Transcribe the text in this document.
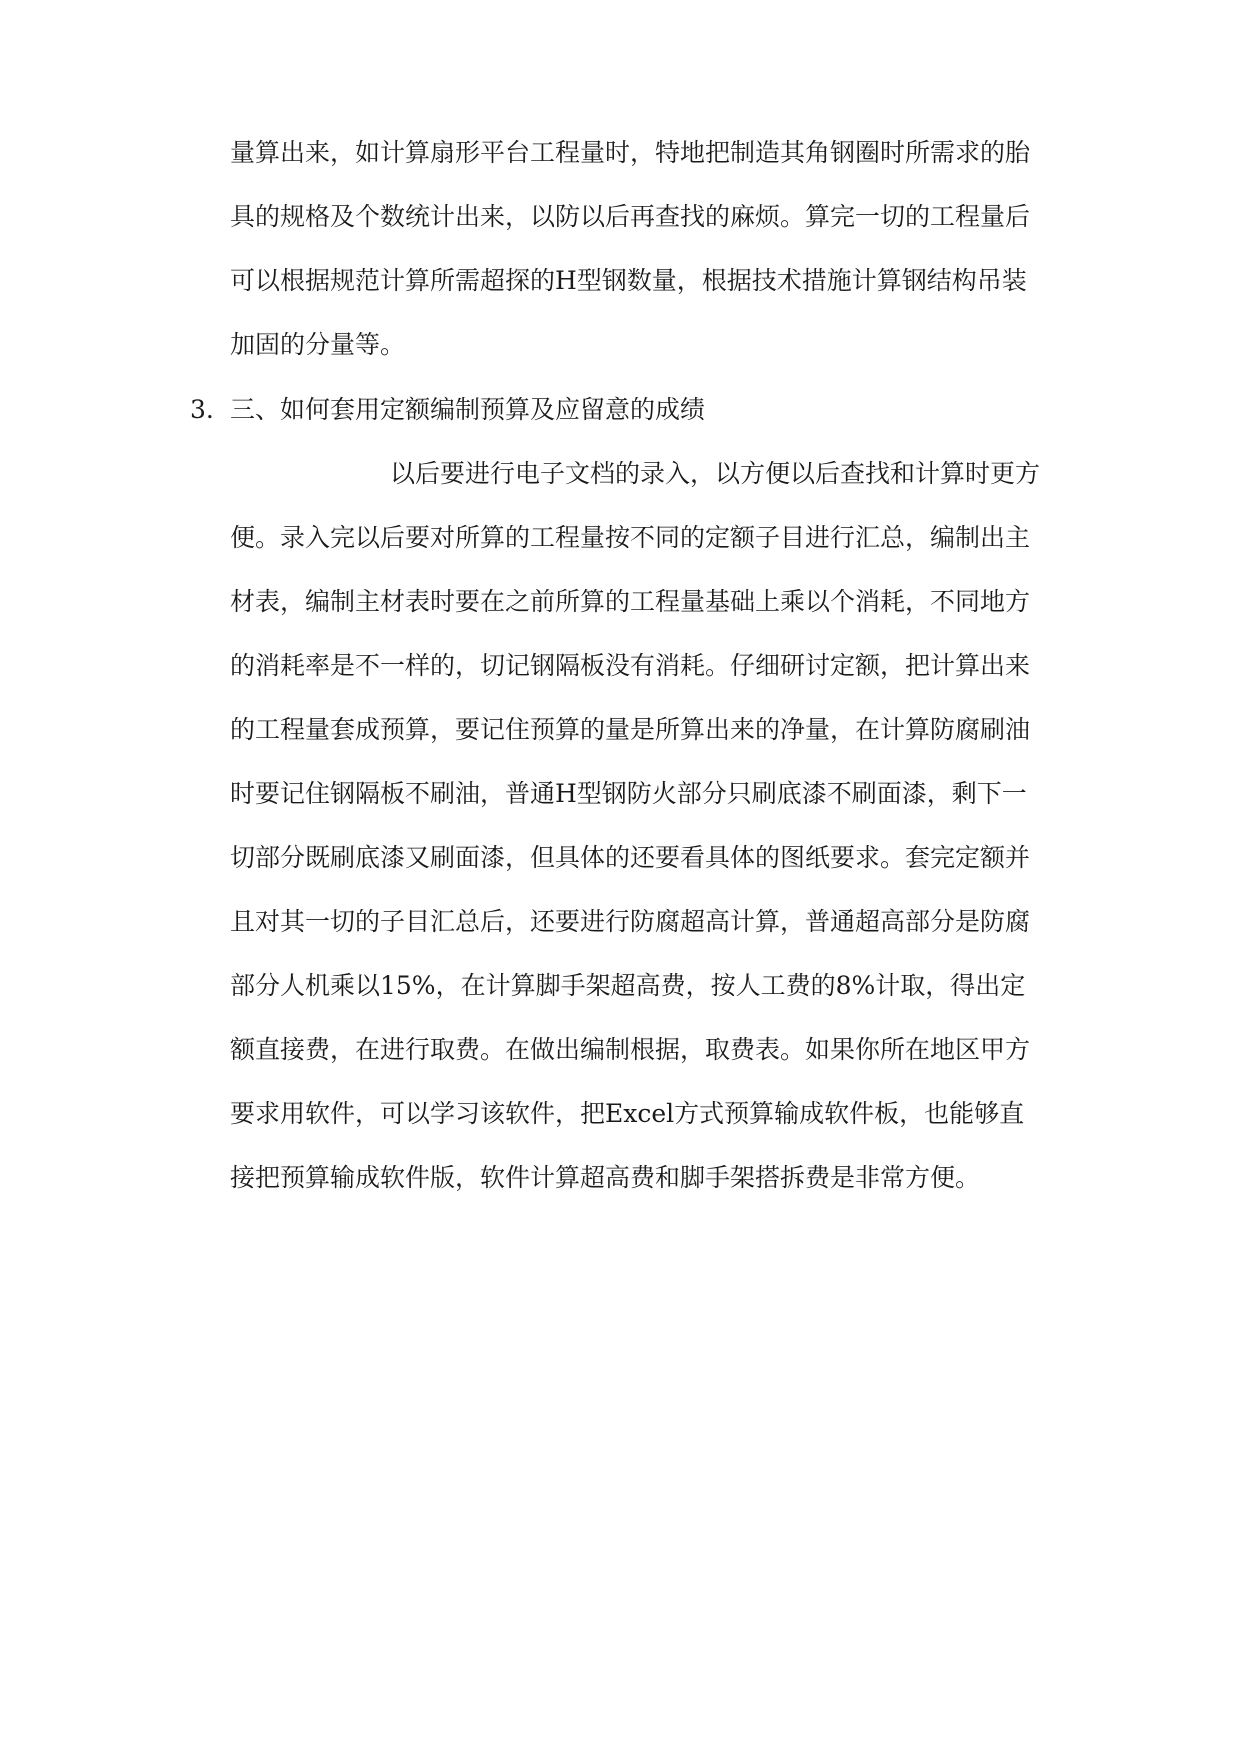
量算出来，如计算扇形平台工程量时，特地把制造其角钢圈时所需求的胎
具的规格及个数统计出来，以防以后再查找的麻烦。算完一切的工程量后
可以根据规范计算所需超探的H型钢数量，根据技术措施计算钢结构吊装
加固的分量等。
3. 三、如何套用定额编制预算及应留意的成绩
以后要进行电子文档的录入，以方便以后查找和计算时更方
便。录入完以后要对所算的工程量按不同的定额子目进行汇总，编制出主
材表，编制主材表时要在之前所算的工程量基础上乘以个消耗，不同地方
的消耗率是不一样的，切记钢隔板没有消耗。仔细研讨定额，把计算出来
的工程量套成预算，要记住预算的量是所算出来的净量，在计算防腐刷油
时要记住钢隔板不刷油，普通H型钢防火部分只刷底漆不刷面漆，剩下一
切部分既刷底漆又刷面漆，但具体的还要看具体的图纸要求。套完定额并
且对其一切的子目汇总后，还要进行防腐超高计算，普通超高部分是防腐
部分人机乘以15%，在计算脚手架超高费，按人工费的8%计取，得出定
额直接费，在进行取费。在做出编制根据，取费表。如果你所在地区甲方
要求用软件，可以学习该软件，把Excel方式预算输成软件板，也能够直
接把预算输成软件版，软件计算超高费和脚手架搭拆费是非常方便。
